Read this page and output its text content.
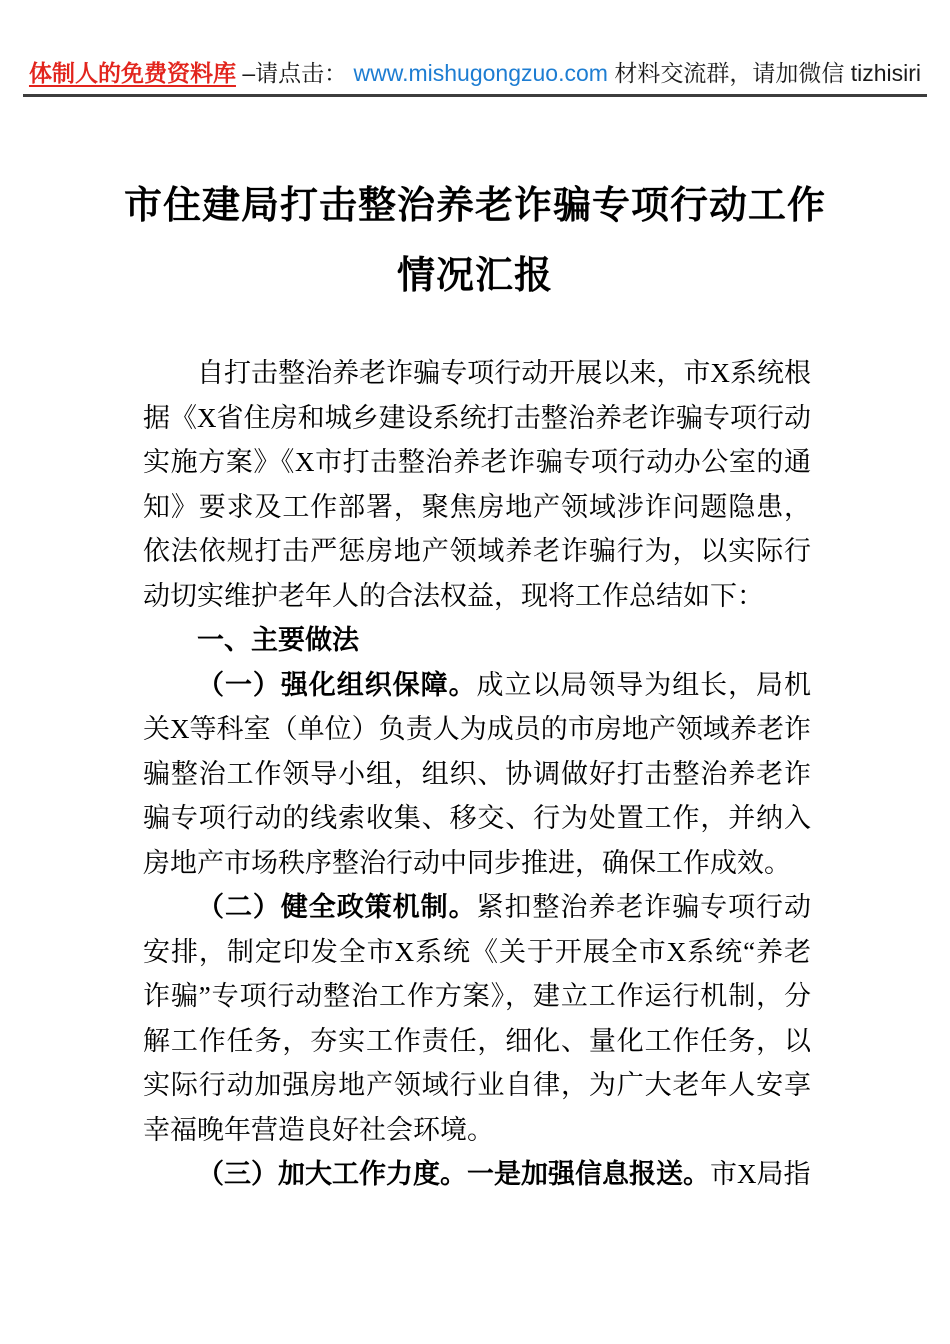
体制人的免费资料库 –请点击： www.mishugongzuo.com 材料交流群，请加微信 tizhisiri
市住建局打击整治养老诈骗专项行动工作
情况汇报

自打击整治养老诈骗专项行动开展以来，市X系统根据《X省住房和城乡建设系统打击整治养老诈骗专项行动实施方案》《X市打击整治养老诈骗专项行动办公室的通知》要求及工作部署，聚焦房地产领域涉诈问题隐患，依法依规打击严惩房地产领域养老诈骗行为，以实际行动切实维护老年人的合法权益，现将工作总结如下：

一、主要做法

（一）强化组织保障。成立以局领导为组长，局机关X等科室（单位）负责人为成员的市房地产领域养老诈骗整治工作领导小组，组织、协调做好打击整治养老诈骗专项行动的线索收集、移交、行为处置工作，并纳入房地产市场秩序整治行动中同步推进，确保工作成效。

（二）健全政策机制。紧扣整治养老诈骗专项行动安排，制定印发全市X系统《关于开展全市X系统“养老诈骗”专项行动整治工作方案》，建立工作运行机制，分解工作任务，夯实工作责任，细化、量化工作任务，以实际行动加强房地产领域行业自律，为广大老年人安享幸福晚年营造良好社会环境。

（三）加大工作力度。一是加强信息报送。市X局指
